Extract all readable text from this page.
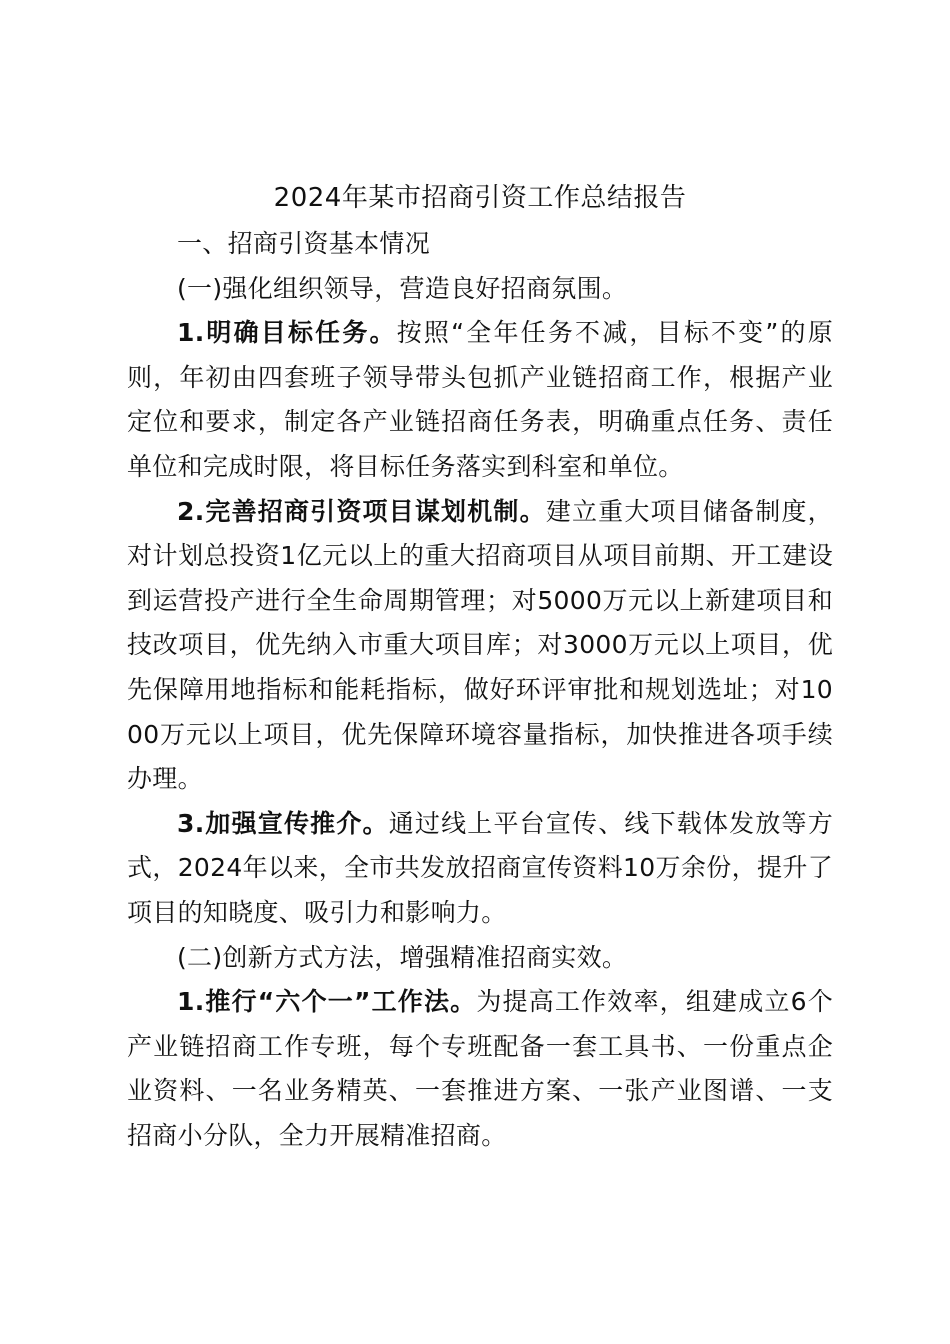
2024年某市招商引资工作总结报告

一、招商引资基本情况

(一)强化组织领导，营造良好招商氛围。

1.明确目标任务。按照“全年任务不减，目标不变”的原则，年初由四套班子领导带头包抓产业链招商工作，根据产业定位和要求，制定各产业链招商任务表，明确重点任务、责任单位和完成时限，将目标任务落实到科室和单位。

2.完善招商引资项目谋划机制。建立重大项目储备制度，对计划总投资1亿元以上的重大招商项目从项目前期、开工建设到运营投产进行全生命周期管理；对5000万元以上新建项目和技改项目，优先纳入市重大项目库；对3000万元以上项目，优先保障用地指标和能耗指标，做好环评审批和规划选址；对1000万元以上项目，优先保障环境容量指标，加快推进各项手续办理。

3.加强宣传推介。通过线上平台宣传、线下载体发放等方式，2024年以来，全市共发放招商宣传资料10万余份，提升了项目的知晓度、吸引力和影响力。

(二)创新方式方法，增强精准招商实效。

1.推行“六个一”工作法。为提高工作效率，组建成立6个产业链招商工作专班，每个专班配备一套工具书、一份重点企业资料、一名业务精英、一套推进方案、一张产业图谱、一支招商小分队，全力开展精准招商。
